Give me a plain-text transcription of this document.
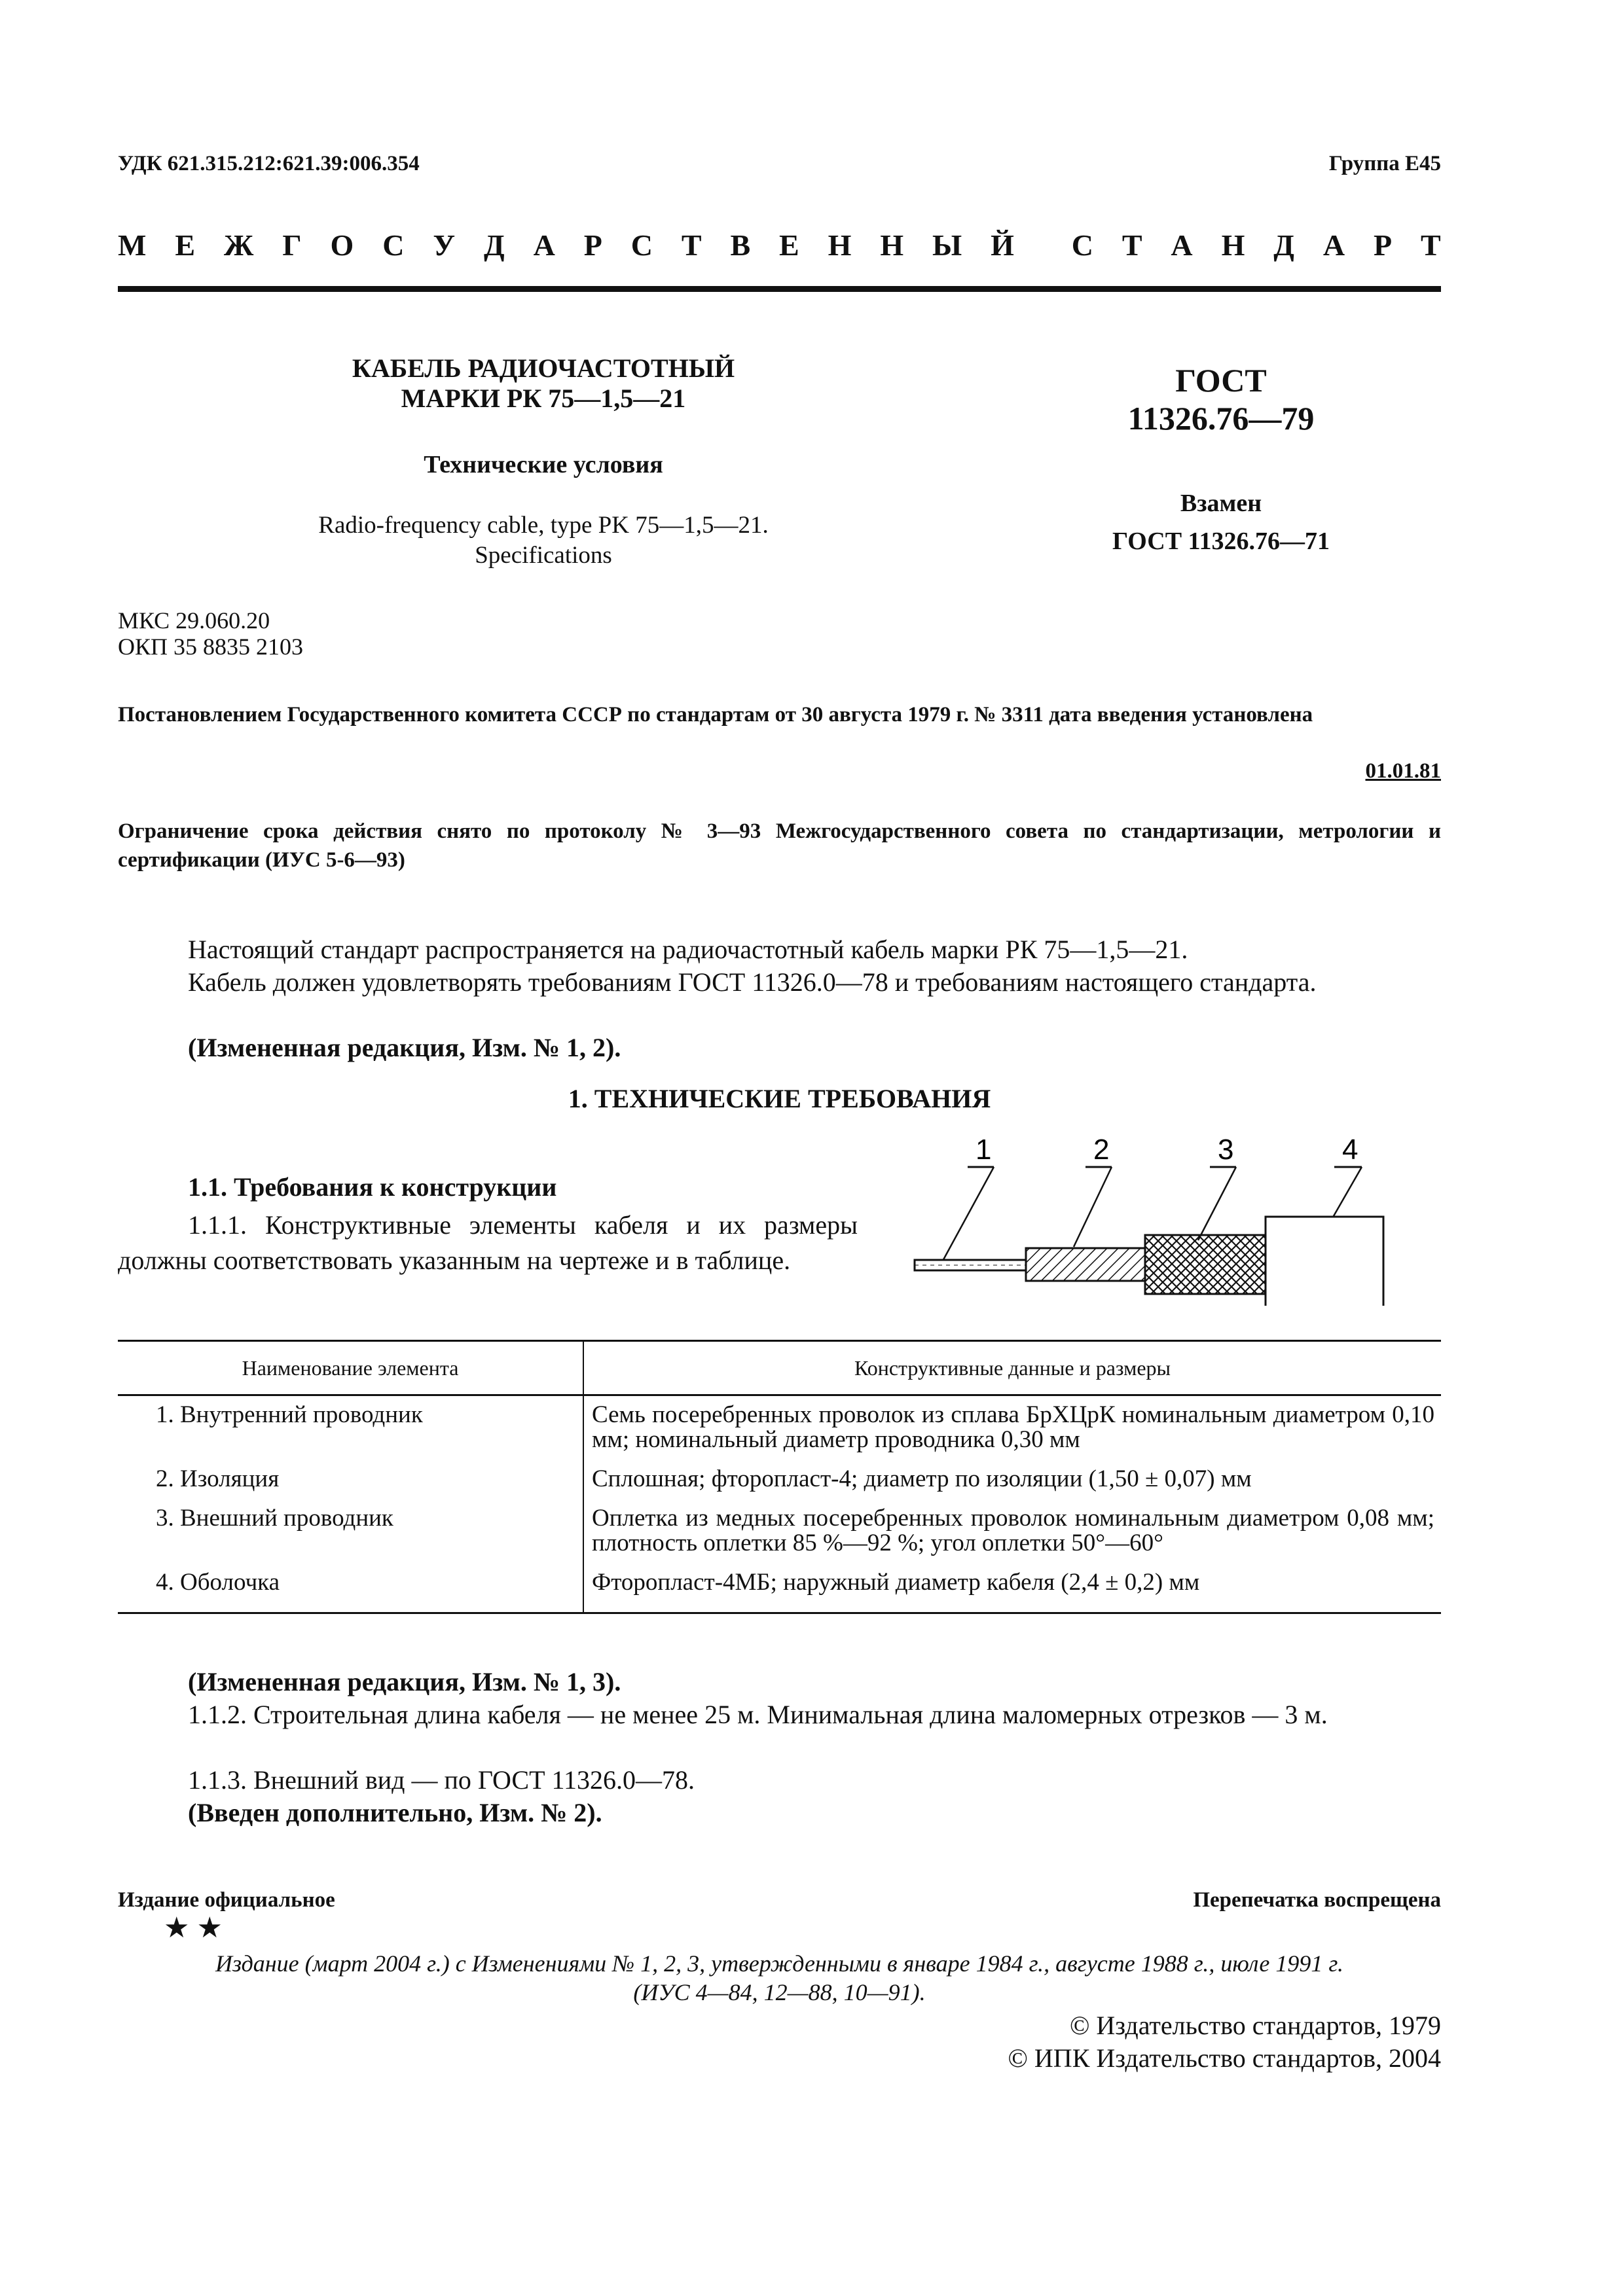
УДК 621.315.212:621.39:006.354	Группа Е45
М Е Ж Г О С У Д А Р С Т В Е Н Н Ы Й С Т А Н Д А Р Т
КАБЕЛЬ РАДИОЧАСТОТНЫЙ
МАРКИ РК 75—1,5—21
Технические условия
Radio-frequency cable, type PK 75—1,5—21.
Specifications
ГОСТ
11326.76—79
Взамен
ГОСТ 11326.76—71
МКС 29.060.20
ОКП 35 8835 2103
Постановлением Государственного комитета СССР по стандартам от 30 августа 1979 г. № 3311 дата введения установлена
01.01.81
Ограничение срока действия снято по протоколу № 3—93 Межгосударственного совета по стандартизации, метрологии и сертификации (ИУС 5-6—93)
Настоящий стандарт распространяется на радиочастотный кабель марки РК 75—1,5—21.
Кабель должен удовлетворять требованиям ГОСТ 11326.0—78 и требованиям настоящего стандарта.
(Измененная редакция, Изм. № 1, 2).
1. ТЕХНИЧЕСКИЕ ТРЕБОВАНИЯ
1.1. Требования к конструкции
1.1.1. Конструктивные элементы кабеля и их размеры должны соответствовать указанным на чертеже и в таблице.
1	2	3	4
Наименование элемента	Конструктивные данные и размеры
1. Внутренний проводник	Семь посеребренных проволок из сплава БрХЦрК номинальным диаметром 0,10 мм; номинальный диаметр проводника 0,30 мм
2. Изоляция	Сплошная; фторопласт-4; диаметр по изоляции (1,50 ± 0,07) мм
3. Внешний проводник	Оплетка из медных посеребренных проволок номинальным диаметром 0,08 мм; плотность оплетки 85 %—92 %; угол оплетки 50°—60°
4. Оболочка	Фторопласт-4МБ; наружный диаметр кабеля (2,4 ± 0,2) мм
(Измененная редакция, Изм. № 1, 3).
1.1.2. Строительная длина кабеля — не менее 25 м. Минимальная длина маломерных отрезков — 3 м.
1.1.3. Внешний вид — по ГОСТ 11326.0—78.
(Введен дополнительно, Изм. № 2).
Издание официальное	Перепечатка воспрещена
★ ★
Издание (март 2004 г.) с Изменениями № 1, 2, 3, утвержденными в январе 1984 г., августе 1988 г., июле 1991 г.
(ИУС 4—84, 12—88, 10—91).
© Издательство стандартов, 1979
© ИПК Издательство стандартов, 2004
